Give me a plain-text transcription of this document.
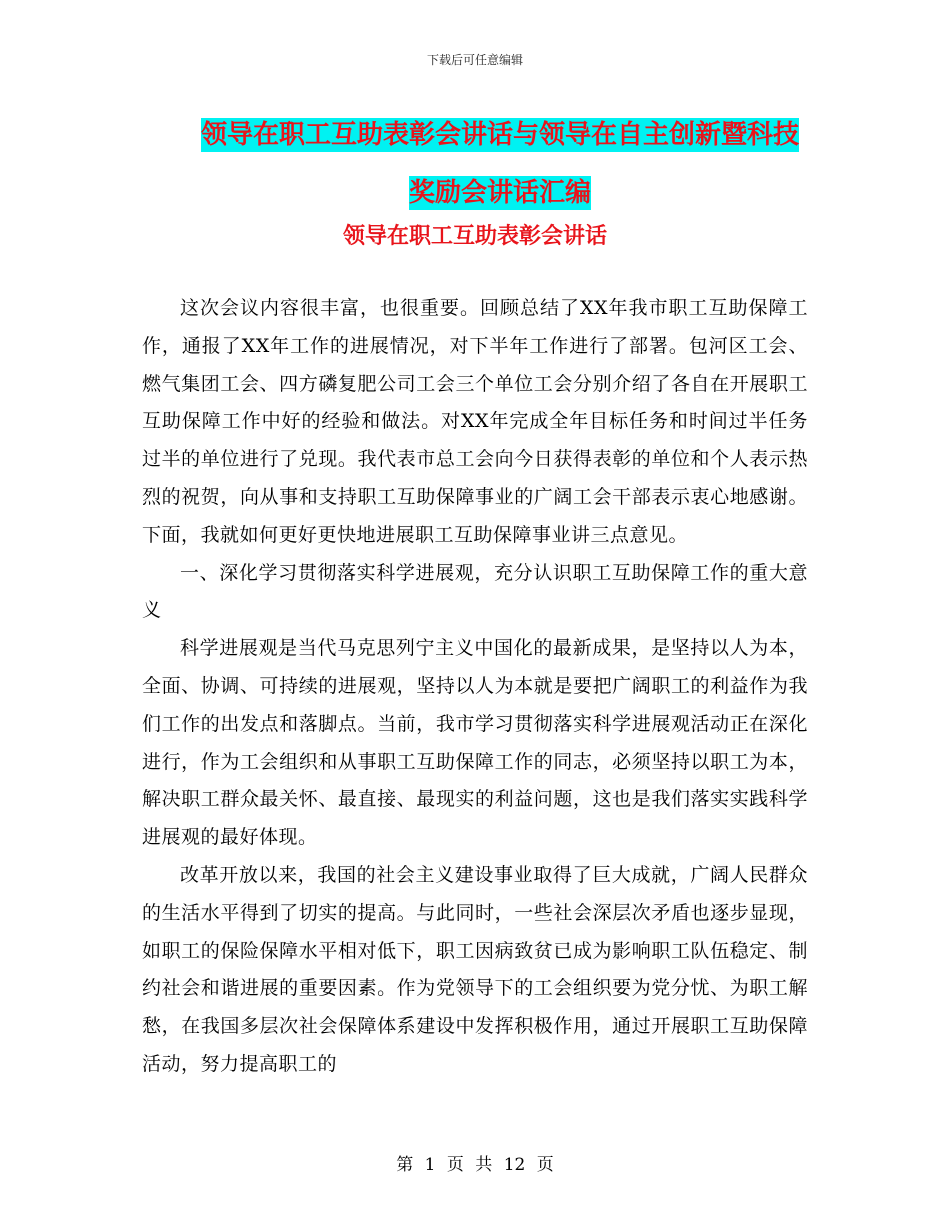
下载后可任意编辑
领导在职工互助表彰会讲话与领导在自主创新暨科技
奖励会讲话汇编
领导在职工互助表彰会讲话

这次会议内容很丰富，也很重要。回顾总结了XX年我市职工互助保障工作，通报了XX年工作的进展情况，对下半年工作进行了部署。包河区工会、燃气集团工会、四方磷复肥公司工会三个单位工会分别介绍了各自在开展职工互助保障工作中好的经验和做法。对XX年完成全年目标任务和时间过半任务过半的单位进行了兑现。我代表市总工会向今日获得表彰的单位和个人表示热烈的祝贺，向从事和支持职工互助保障事业的广阔工会干部表示衷心地感谢。下面，我就如何更好更快地进展职工互助保障事业讲三点意见。

一、深化学习贯彻落实科学进展观，充分认识职工互助保障工作的重大意义

科学进展观是当代马克思列宁主义中国化的最新成果，是坚持以人为本，全面、协调、可持续的进展观，坚持以人为本就是要把广阔职工的利益作为我们工作的出发点和落脚点。当前，我市学习贯彻落实科学进展观活动正在深化进行，作为工会组织和从事职工互助保障工作的同志，必须坚持以职工为本，解决职工群众最关怀、最直接、最现实的利益问题，这也是我们落实实践科学进展观的最好体现。

改革开放以来，我国的社会主义建设事业取得了巨大成就，广阔人民群众的生活水平得到了切实的提高。与此同时，一些社会深层次矛盾也逐步显现，如职工的保险保障水平相对低下，职工因病致贫已成为影响职工队伍稳定、制约社会和谐进展的重要因素。作为党领导下的工会组织要为党分忧、为职工解愁，在我国多层次社会保障体系建设中发挥积极作用，通过开展职工互助保障活动，努力提高职工的

第 1 页 共 12 页
